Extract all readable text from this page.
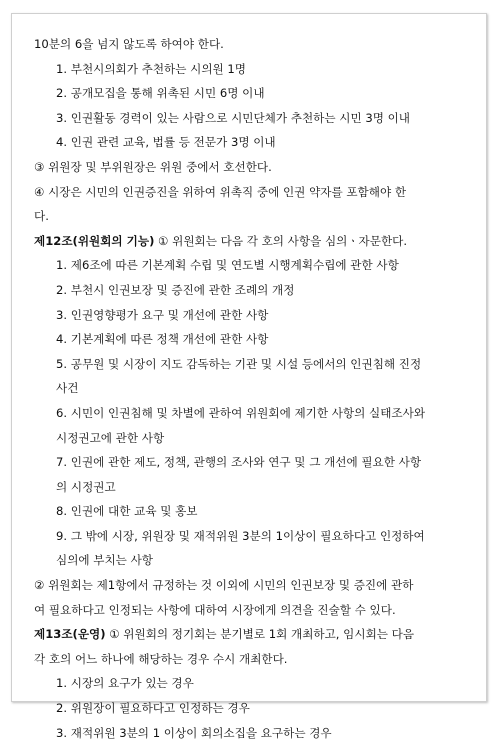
10분의 6을 넘지 않도록 하여야 한다.
1. 부천시의회가 추천하는 시의원 1명
2. 공개모집을 통해 위촉된 시민 6명 이내
3. 인권활동 경력이 있는 사람으로 시민단체가 추천하는 시민 3명 이내
4. 인권 관련 교육, 법률 등 전문가 3명 이내
③ 위원장 및 부위원장은 위원 중에서 호선한다.
④ 시장은 시민의 인권증진을 위하여 위촉직 중에 인권 약자를 포함해야 한
다.
제12조(위원회의 기능) ① 위원회는 다음 각 호의 사항을 심의ㆍ자문한다.
1. 제6조에 따른 기본계획 수립 및 연도별 시행계획수립에 관한 사항
2. 부천시 인권보장 및 증진에 관한 조례의 개정
3. 인권영향평가 요구 및 개선에 관한 사항
4. 기본계획에 따른 정책 개선에 관한 사항
5. 공무원 및 시장이 지도 감독하는 기관 및 시설 등에서의 인권침해 진정
사건
6. 시민이 인권침해 및 차별에 관하여 위원회에 제기한 사항의 실태조사와
시정권고에 관한 사항
7. 인권에 관한 제도, 정책, 관행의 조사와 연구 및 그 개선에 필요한 사항
의 시정권고
8. 인권에 대한 교육 및 홍보
9. 그 밖에 시장, 위원장 및 재적위원 3분의 1이상이 필요하다고 인정하여
심의에 부치는 사항
② 위원회는 제1항에서 규정하는 것 이외에 시민의 인권보장 및 증진에 관하
여 필요하다고 인정되는 사항에 대하여 시장에게 의견을 진술할 수 있다.
제13조(운영) ① 위원회의 정기회는 분기별로 1회 개최하고, 임시회는 다음
각 호의 어느 하나에 해당하는 경우 수시 개최한다.
1. 시장의 요구가 있는 경우
2. 위원장이 필요하다고 인정하는 경우
3. 재적위원 3분의 1 이상이 회의소집을 요구하는 경우
